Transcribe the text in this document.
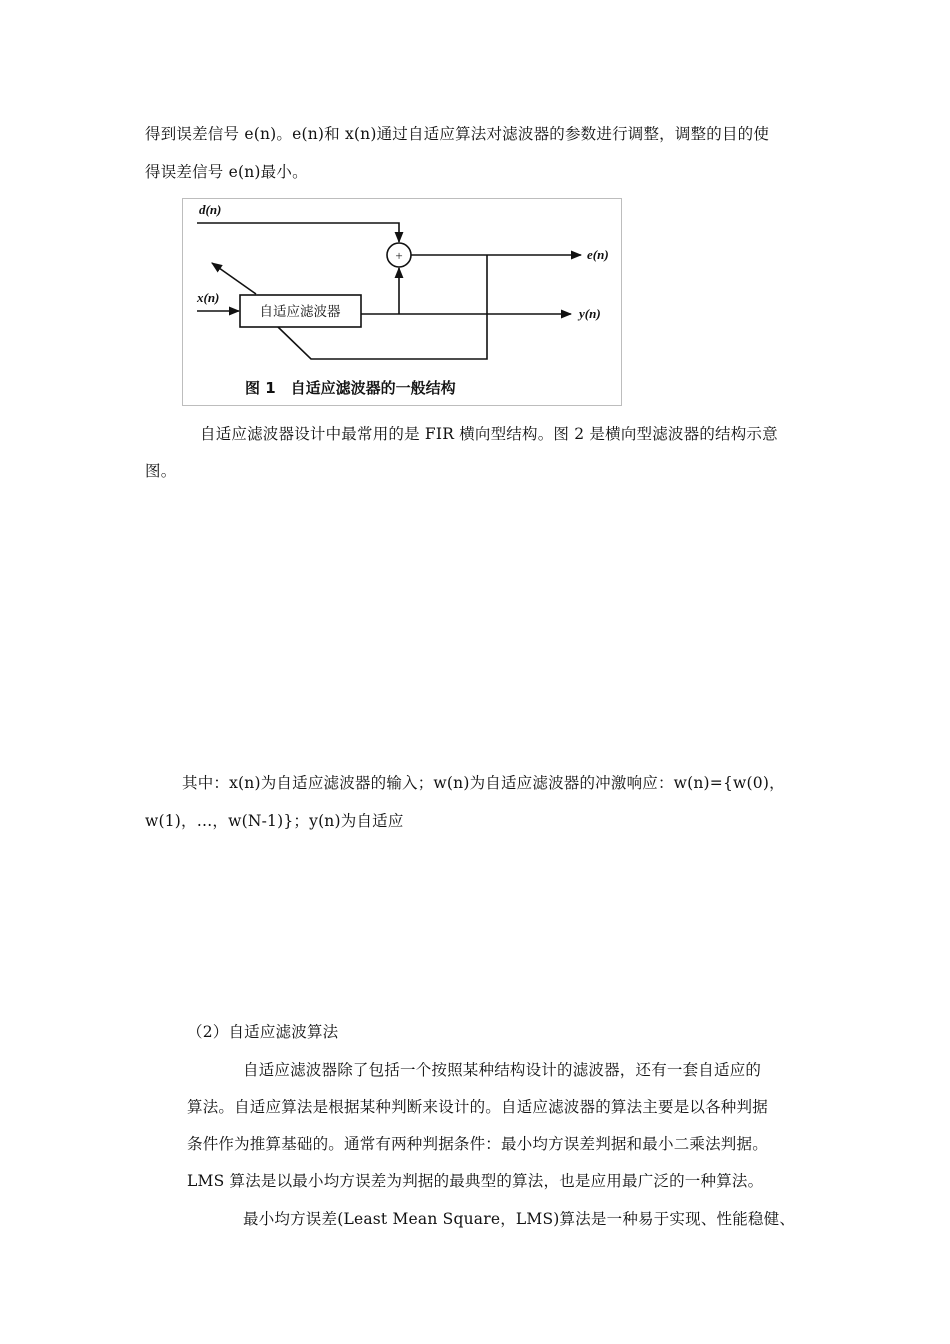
得到误差信号 e(n)。e(n)和 x(n)通过自适应算法对滤波器的参数进行调整，调整的目的使
得误差信号 e(n)最小。
+
d(n)
x(n)
e(n)
y(n)
自适应滤波器
图 1　自适应滤波器的一般结构
自适应滤波器设计中最常用的是 FIR 横向型结构。图 2 是横向型滤波器的结构示意
图。
其中：x(n)为自适应滤波器的输入；w(n)为自适应滤波器的冲激响应：w(n)={w(0)，
w(1)，…，w(N-1)}；y(n)为自适应
（2）自适应滤波算法
自适应滤波器除了包括一个按照某种结构设计的滤波器，还有一套自适应的
算法。自适应算法是根据某种判断来设计的。自适应滤波器的算法主要是以各种判据
条件作为推算基础的。通常有两种判据条件：最小均方误差判据和最小二乘法判据。
LMS 算法是以最小均方误差为判据的最典型的算法，也是应用最广泛的一种算法。
最小均方误差(Least Mean Square，LMS)算法是一种易于实现、性能稳健、
